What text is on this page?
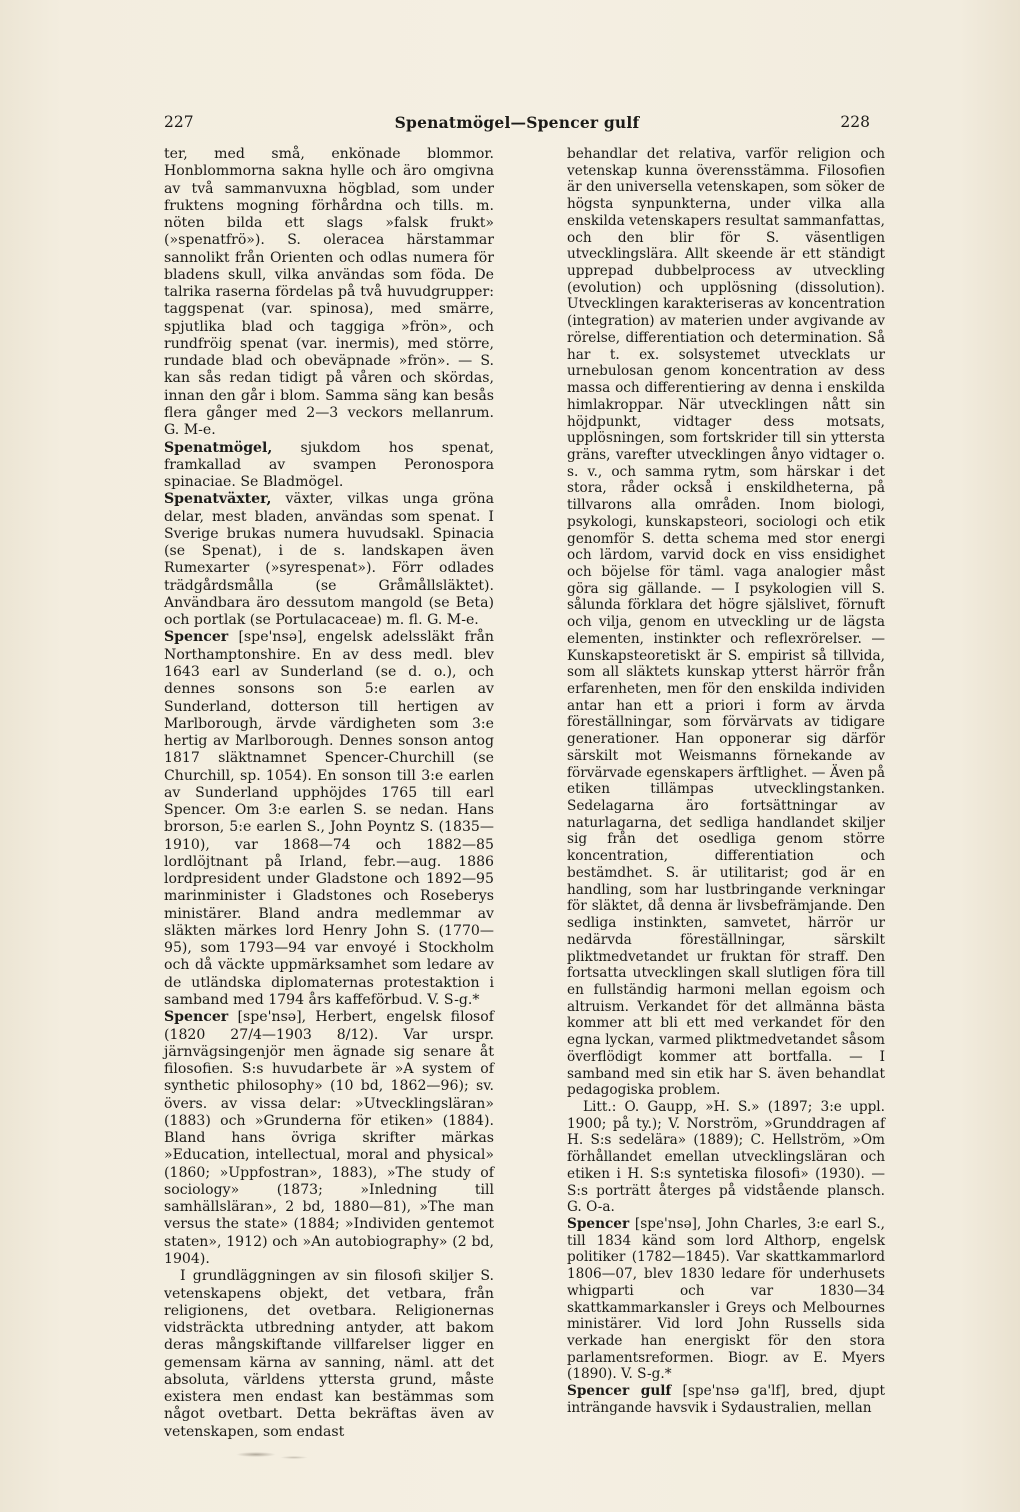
227	Spenatmögel—Spencer gulf	228

ter, med små, enkönade blommor. Honblommorna sakna hylle och äro omgivna av två sammanvuxna högblad, som under fruktens mogning förhårdna och tills. m. nöten bilda ett slags »falsk frukt» (»spenatfrö»). S. oleracea härstammar sannolikt från Orienten och odlas numera för bladens skull, vilka användas som föda. De talrika raserna fördelas på två huvudgrupper: taggspenat (var. spinosa), med smärre, spjutlika blad och taggiga »frön», och rundfröig spenat (var. inermis), med större, rundade blad och obeväpnade »frön». — S. kan sås redan tidigt på våren och skördas, innan den går i blom. Samma säng kan besås flera gånger med 2—3 veckors mellanrum. G. M-e.

Spenatmögel, sjukdom hos spenat, framkallad av svampen Peronospora spinaciae. Se Bladmögel.

Spenatväxter, växter, vilkas unga gröna delar, mest bladen, användas som spenat. I Sverige brukas numera huvudsakl. Spinacia (se Spenat), i de s. landskapen även Rumexarter (»syrespenat»). Förr odlades trädgårdsmålla (se Gråmållsläktet). Användbara äro dessutom mangold (se Beta) och portlak (se Portulacaceae) m. fl. G. M-e.

Spencer [spe'nsə], engelsk adelssläkt från Northamptonshire. En av dess medl. blev 1643 earl av Sunderland (se d. o.), och dennes sonsons son 5:e earlen av Sunderland, dotterson till hertigen av Marlborough, ärvde värdigheten som 3:e hertig av Marlborough. Dennes sonson antog 1817 släktnamnet Spencer-Churchill (se Churchill, sp. 1054). En sonson till 3:e earlen av Sunderland upphöjdes 1765 till earl Spencer. Om 3:e earlen S. se nedan. Hans brorson, 5:e earlen S., John Poyntz S. (1835—1910), var 1868—74 och 1882—85 lordlöjtnant på Irland, febr.—aug. 1886 lordpresident under Gladstone och 1892—95 marinminister i Gladstones och Roseberys ministärer. Bland andra medlemmar av släkten märkes lord Henry John S. (1770—95), som 1793—94 var envoyé i Stockholm och då väckte uppmärksamhet som ledare av de utländska diplomaternas protestaktion i samband med 1794 års kaffeförbud. V. S-g.*

Spencer [spe'nsə], Herbert, engelsk filosof (1820 27/4—1903 8/12). Var urspr. järnvägsingenjör men ägnade sig senare åt filosofien. S:s huvudarbete är »A system of synthetic philosophy» (10 bd, 1862—96); sv. övers. av vissa delar: »Utvecklingsläran» (1883) och »Grunderna för etiken» (1884). Bland hans övriga skrifter märkas »Education, intellectual, moral and physical» (1860; »Uppfostran», 1883), »The study of sociology» (1873; »Inledning till samhällsläran», 2 bd, 1880—81), »The man versus the state» (1884; »Individen gentemot staten», 1912) och »An autobiography» (2 bd, 1904).

I grundläggningen av sin filosofi skiljer S. vetenskapens objekt, det vetbara, från religionens, det ovetbara. Religionernas vidsträckta utbredning antyder, att bakom deras mångskiftande villfarelser ligger en gemensam kärna av sanning, näml. att det absoluta, världens yttersta grund, måste existera men endast kan bestämmas som något ovetbart. Detta bekräftas även av vetenskapen, som endast

behandlar det relativa, varför religion och vetenskap kunna överensstämma. Filosofien är den universella vetenskapen, som söker de högsta synpunkterna, under vilka alla enskilda vetenskapers resultat sammanfattas, och den blir för S. väsentligen utvecklingslära. Allt skeende är ett ständigt upprepad dubbelprocess av utveckling (evolution) och upplösning (dissolution). Utvecklingen karakteriseras av koncentration (integration) av materien under avgivande av rörelse, differentiation och determination. Så har t. ex. solsystemet utvecklats ur urnebulosan genom koncentration av dess massa och differentiering av denna i enskilda himlakroppar. När utvecklingen nått sin höjdpunkt, vidtager dess motsats, upplösningen, som fortskrider till sin yttersta gräns, varefter utvecklingen ånyo vidtager o. s. v., och samma rytm, som härskar i det stora, råder också i enskildheterna, på tillvarons alla områden. Inom biologi, psykologi, kunskapsteori, sociologi och etik genomför S. detta schema med stor energi och lärdom, varvid dock en viss ensidighet och böjelse för täml. vaga analogier måst göra sig gällande. — I psykologien vill S. sålunda förklara det högre själslivet, förnuft och vilja, genom en utveckling ur de lägsta elementen, instinkter och reflexrörelser. — Kunskapsteoretiskt är S. empirist så tillvida, som all släktets kunskap ytterst härrör från erfarenheten, men för den enskilda individen antar han ett a priori i form av ärvda föreställningar, som förvärvats av tidigare generationer. Han opponerar sig därför särskilt mot Weismanns förnekande av förvärvade egenskapers ärftlighet. — Även på etiken tillämpas utvecklingstanken. Sedelagarna äro fortsättningar av naturlagarna, det sedliga handlandet skiljer sig från det osedliga genom större koncentration, differentiation och bestämdhet. S. är utilitarist; god är en handling, som har lustbringande verkningar för släktet, då denna är livsbefrämjande. Den sedliga instinkten, samvetet, härrör ur nedärvda föreställningar, särskilt pliktmedvetandet ur fruktan för straff. Den fortsatta utvecklingen skall slutligen föra till en fullständig harmoni mellan egoism och altruism. Verkandet för det allmänna bästa kommer att bli ett med verkandet för den egna lyckan, varmed pliktmedvetandet såsom överflödigt kommer att bortfalla. — I samband med sin etik har S. även behandlat pedagogiska problem.

Litt.: O. Gaupp, »H. S.» (1897; 3:e uppl. 1900; på ty.); V. Norström, »Grunddragen af H. S:s sedelära» (1889); C. Hellström, »Om förhållandet emellan utvecklingsläran och etiken i H. S:s syntetiska filosofi» (1930). — S:s porträtt återges på vidstående plansch. G. O-a.

Spencer [spe'nsə], John Charles, 3:e earl S., till 1834 känd som lord Althorp, engelsk politiker (1782—1845). Var skattkammarlord 1806—07, blev 1830 ledare för underhusets whigparti och var 1830—34 skattkammarkansler i Greys och Melbournes ministärer. Vid lord John Russells sida verkade han energiskt för den stora parlamentsreformen. Biogr. av E. Myers (1890). V. S-g.*

Spencer gulf [spe'nsə ga'lf], bred, djupt inträngande havsvik i Sydaustralien, mellan
